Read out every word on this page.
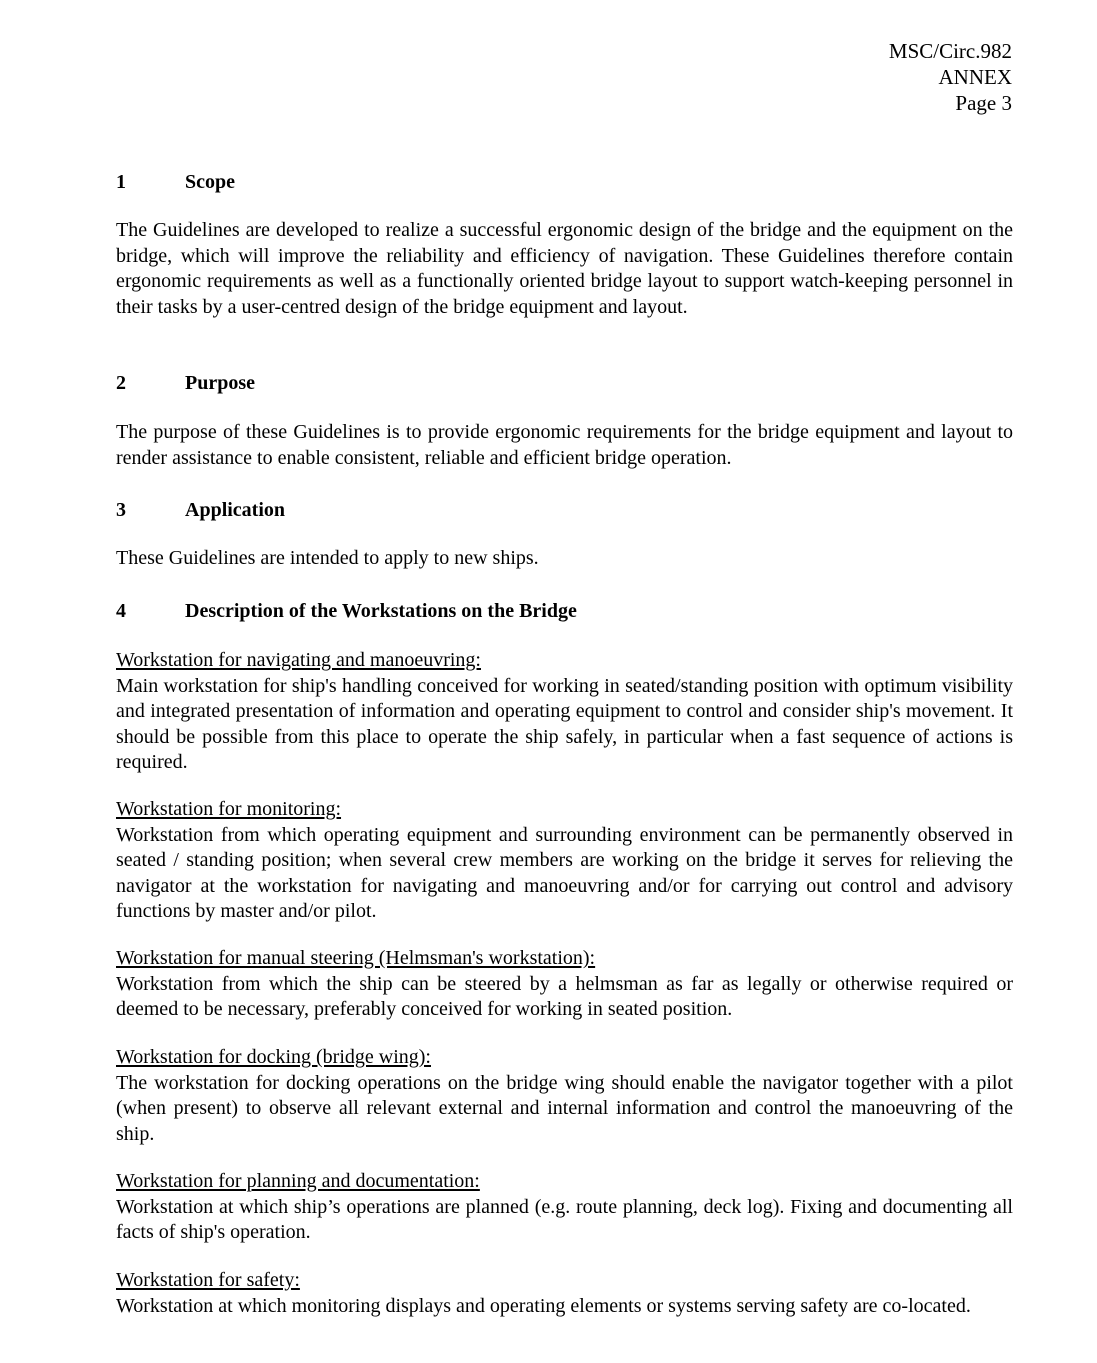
MSC/Circ.982
ANNEX
Page 3
1	Scope
The Guidelines are developed to realize a successful ergonomic design of the bridge and the equipment on the bridge, which will improve the reliability and efficiency of navigation. These Guidelines therefore contain ergonomic requirements as well as a functionally oriented bridge layout to support watch-keeping personnel in their tasks by a user-centred design of the bridge equipment and layout.
2	Purpose
The purpose of these Guidelines is to provide ergonomic requirements for the bridge equipment and layout to render assistance to enable consistent, reliable and efficient bridge operation.
3	Application
These Guidelines are intended to apply to new ships.
4	Description of the Workstations on the Bridge
Workstation for navigating and manoeuvring:
Main workstation for ship's handling conceived for working in seated/standing position with optimum visibility and integrated presentation of information and operating equipment to control and consider ship's movement. It should be possible from this place to operate the ship safely, in particular when a fast sequence of actions is required.
Workstation for monitoring:
Workstation from which operating equipment and surrounding environment can be permanently observed in seated / standing position; when several crew members are working on the bridge it serves for relieving the navigator at the workstation for navigating and manoeuvring and/or for carrying out control and advisory functions by master and/or pilot.
Workstation for manual steering (Helmsman's workstation):
Workstation from which the ship can be steered by a helmsman as far as legally or otherwise required or deemed to be necessary, preferably conceived for working in seated position.
Workstation for docking (bridge wing):
The workstation for docking operations on the bridge wing should enable the navigator together with a pilot (when present) to observe all relevant external and internal information and control the manoeuvring of the ship.
Workstation for planning and documentation:
Workstation at which ship’s operations are planned (e.g. route planning, deck log). Fixing and documenting all facts of ship's operation.
Workstation for safety:
Workstation at which monitoring displays and operating elements or systems serving safety are co-located.
